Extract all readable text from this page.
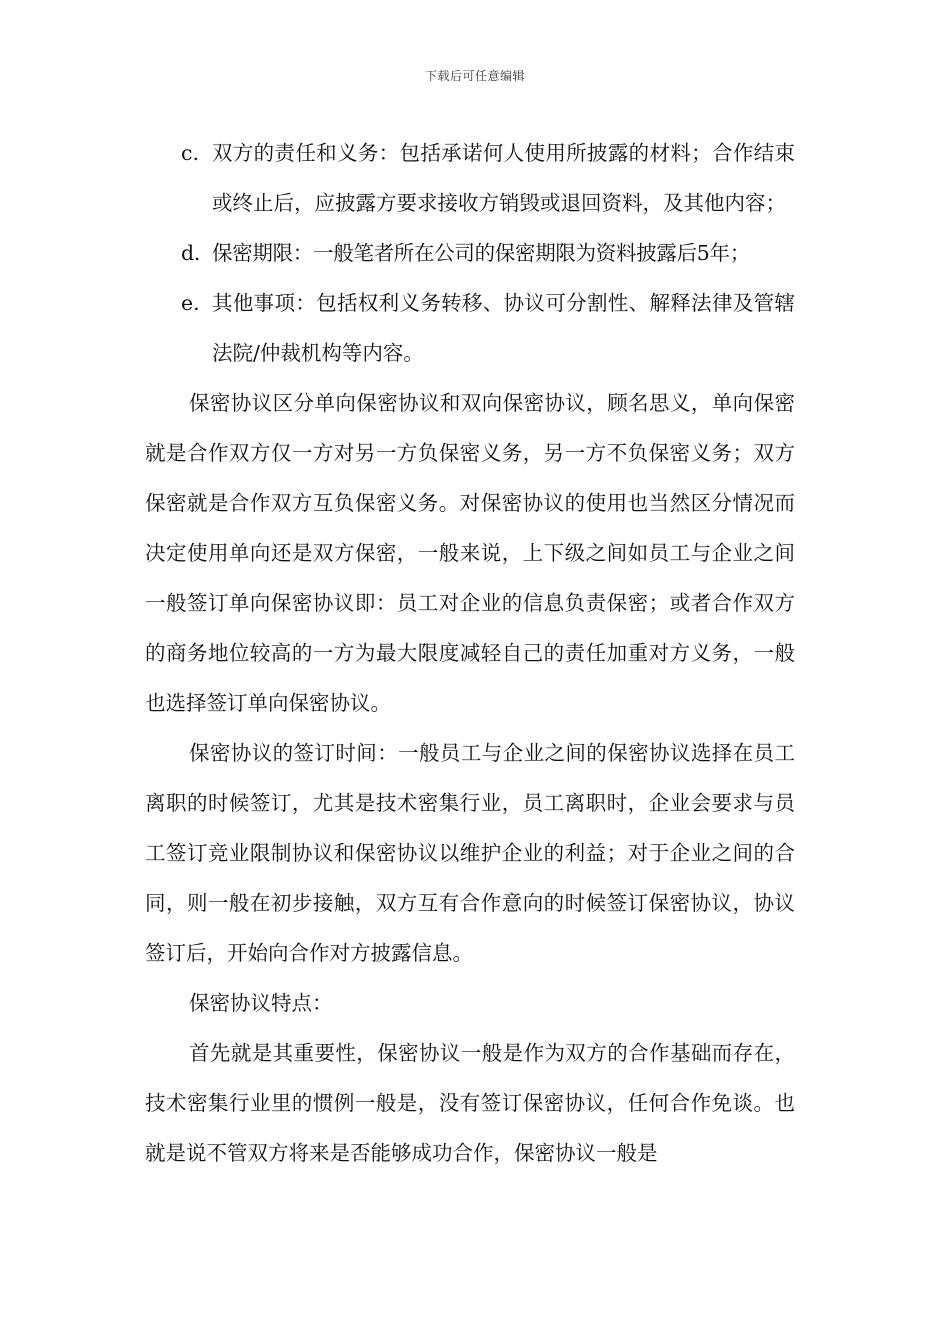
下载后可任意编辑
c. 双方的责任和义务：包括承诺何人使用所披露的材料；合作结束或终止后，应披露方要求接收方销毁或退回资料，及其他内容；
d. 保密期限：一般笔者所在公司的保密期限为资料披露后5年；
e. 其他事项：包括权利义务转移、协议可分割性、解释法律及管辖法院/仲裁机构等内容。

保密协议区分单向保密协议和双向保密协议，顾名思义，单向保密就是合作双方仅一方对另一方负保密义务，另一方不负保密义务；双方保密就是合作双方互负保密义务。对保密协议的使用也当然区分情况而决定使用单向还是双方保密，一般来说，上下级之间如员工与企业之间一般签订单向保密协议即：员工对企业的信息负责保密；或者合作双方的商务地位较高的一方为最大限度减轻自己的责任加重对方义务，一般也选择签订单向保密协议。

保密协议的签订时间：一般员工与企业之间的保密协议选择在员工离职的时候签订，尤其是技术密集行业，员工离职时，企业会要求与员工签订竞业限制协议和保密协议以维护企业的利益；对于企业之间的合同，则一般在初步接触，双方互有合作意向的时候签订保密协议，协议签订后，开始向合作对方披露信息。

保密协议特点：

首先就是其重要性，保密协议一般是作为双方的合作基础而存在，技术密集行业里的惯例一般是，没有签订保密协议，任何合作免谈。也就是说不管双方将来是否能够成功合作，保密协议一般是
